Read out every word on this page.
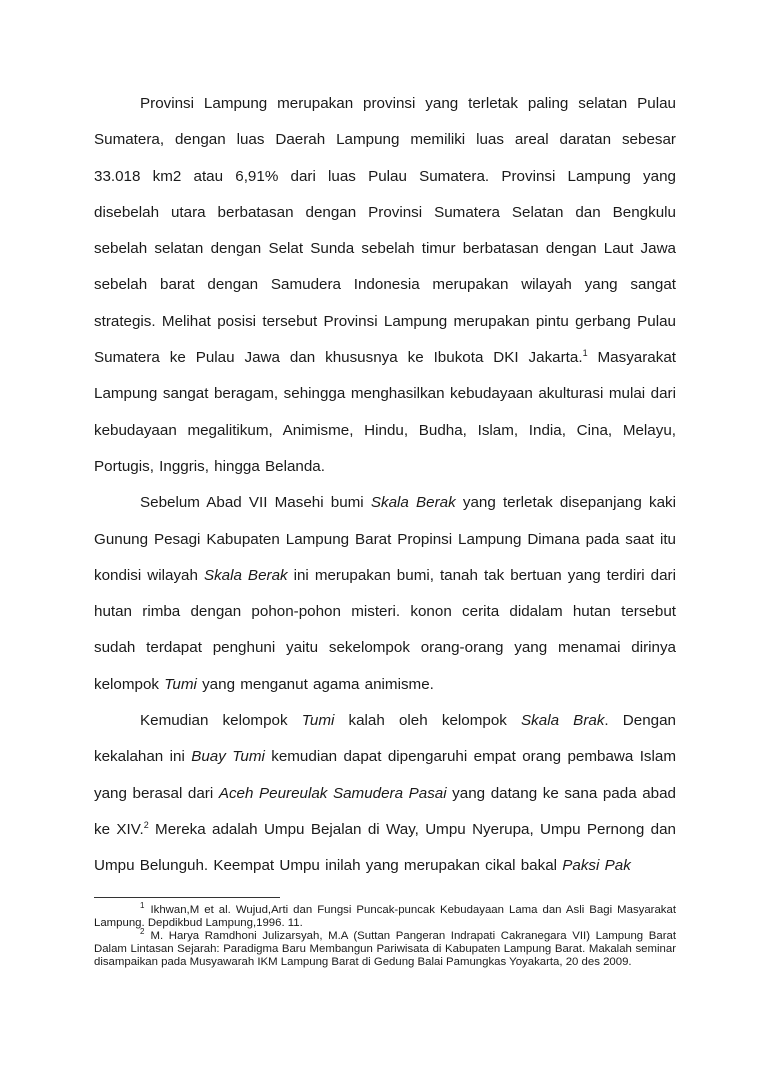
Provinsi Lampung merupakan provinsi yang terletak paling selatan Pulau Sumatera, dengan luas Daerah Lampung memiliki luas areal daratan sebesar 33.018 km2 atau 6,91% dari luas Pulau Sumatera. Provinsi Lampung yang disebelah utara berbatasan dengan Provinsi Sumatera Selatan dan Bengkulu sebelah selatan dengan Selat Sunda sebelah timur berbatasan dengan Laut Jawa sebelah barat dengan Samudera Indonesia merupakan wilayah yang sangat strategis. Melihat posisi tersebut Provinsi Lampung merupakan pintu gerbang Pulau Sumatera ke Pulau Jawa dan khususnya ke Ibukota DKI Jakarta.$^1$ Masyarakat Lampung sangat beragam, sehingga menghasilkan kebudayaan akulturasi mulai dari kebudayaan megalitikum, Animisme, Hindu, Budha, Islam, India, Cina, Melayu, Portugis, Inggris, hingga Belanda.

Sebelum Abad VII Masehi bumi Skala Berak yang terletak disepanjang kaki Gunung Pesagi Kabupaten Lampung Barat Propinsi Lampung Dimana pada saat itu kondisi wilayah Skala Berak ini merupakan bumi, tanah tak bertuan yang terdiri dari hutan rimba dengan pohon-pohon misteri. konon cerita didalam hutan tersebut sudah terdapat penghuni yaitu sekelompok orang-orang yang menamai dirinya kelompok Tumi yang menganut agama animisme.

Kemudian kelompok Tumi kalah oleh kelompok Skala Brak. Dengan kekalahan ini Buay Tumi kemudian dapat dipengaruhi empat orang pembawa Islam yang berasal dari Aceh Peureulak Samudera Pasai yang datang ke sana pada abad ke XIV.$^2$ Mereka adalah Umpu Bejalan di Way, Umpu Nyerupa, Umpu Pernong dan Umpu Belunguh. Keempat Umpu inilah yang merupakan cikal bakal Paksi Pak

$^1$ Ikhwan,M et al. Wujud,Arti dan Fungsi Puncak-puncak Kebudayaan Lama dan Asli Bagi Masyarakat Lampung. Depdikbud Lampung,1996. 11.

$^2$ M. Harya Ramdhoni Julizarsyah, M.A (Suttan Pangeran Indrapati Cakranegara VII) Lampung Barat Dalam Lintasan Sejarah: Paradigma Baru Membangun Pariwisata di Kabupaten Lampung Barat. Makalah seminar disampaikan pada Musyawarah IKM Lampung Barat di Gedung Balai Pamungkas Yoyakarta, 20 des 2009.
